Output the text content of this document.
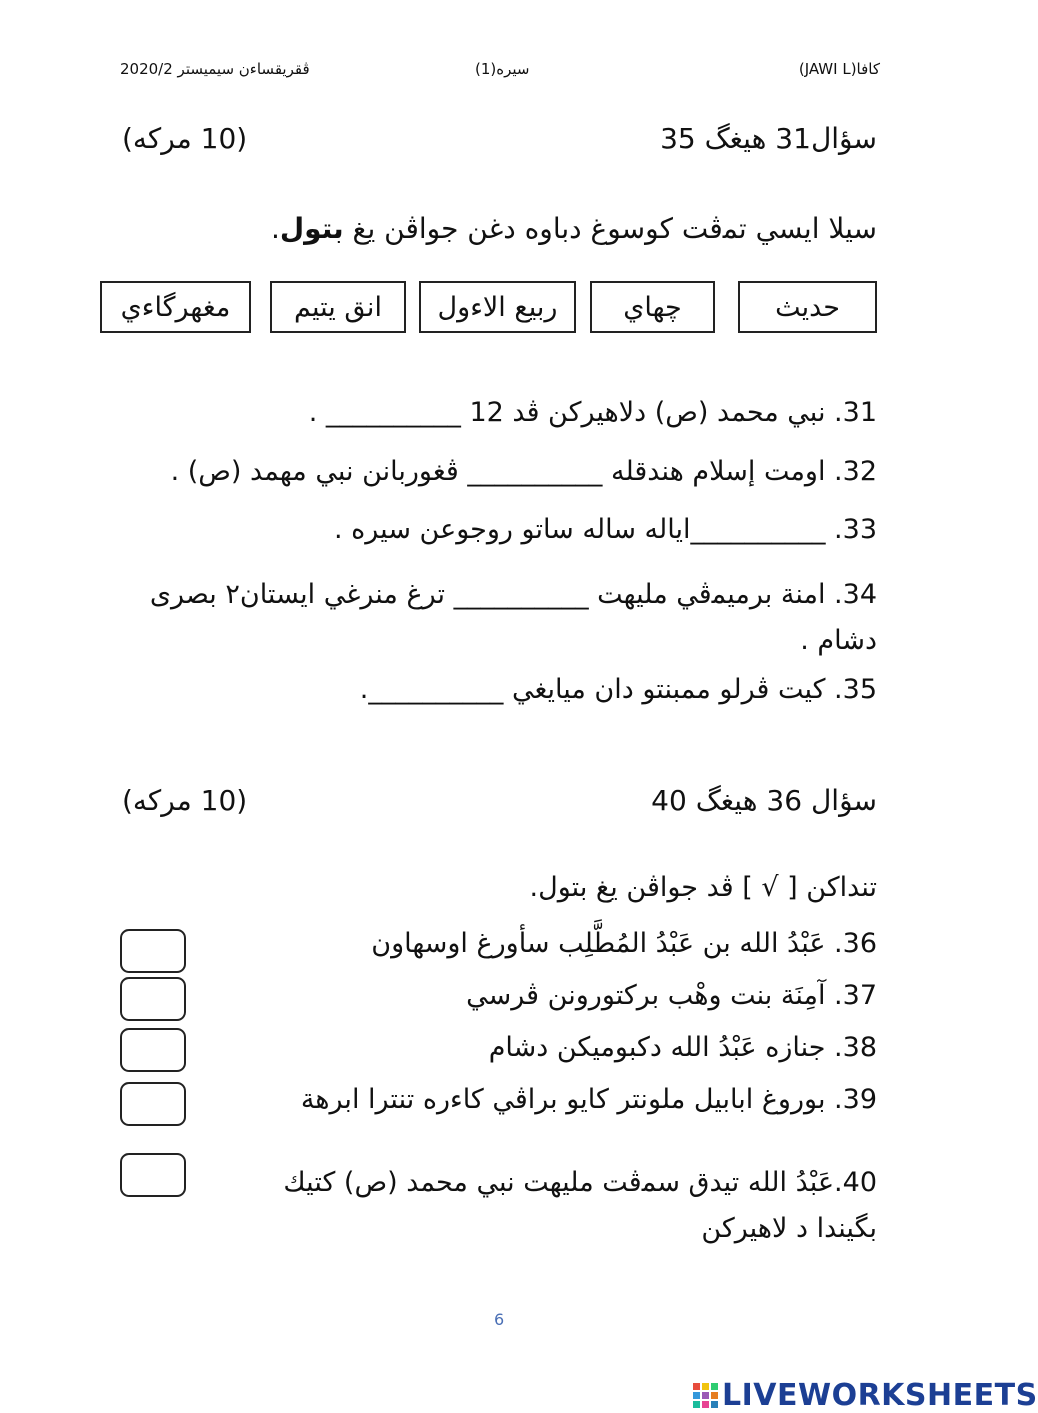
ﭬﻘﺮﻳﻘﺴﺎﺀﻥ ﺳﻴﻤﻴﺴﺘﺮ 2020/2	ﺳﻴﺮﻩ(1)	ﻛﺎﻓﺎ(JAWI L)
ﺳﺆﺍﻝ31 ﻫﻴﻐﮓ 35
(10 ﻣﺮﻛﻪ)
ﺳﻴﻼ ﺍﻳﺴﻲ ﺗﻤﭬﺖ ﻛﻮﺳﻮﻍ ﺩﺑﺎﻭﻩ ﺩﻏﻦ ﺟﻮﺍﭬﻦ ﻳﻎ ﺑﺘﻮﻝ.
ﺣﺪﻳﺚ
ﭼﻬﺎﻱ
ﺭﺑﻴﻊ ﺍﻻﺀﻭﻝ
ﺍﻧﻖ ﻳﺘﻴﻢ
ﻣﻐﻬﺮﮔﺎﺀﻱ
31. ﻧﺒﻲ ﻣﺤﻤﺪ (ﺹ) ﺩﻻﻫﻴﺮﻛﻦ ﭬﺪ 12 __________ .
32. ﺍﻭﻣﺖ ﺇﺳﻼﻡ ﻫﻨﺪﻗﻠﻪ __________ ﭬﻐﻮﺭﺑﺎﻧﻦ ﻧﺒﻲ ﻣﻬﻤﺪ (ﺹ) .
33. __________ﺍﻳﺎﻟﻪ ﺳﺎﻟﻪ ﺳﺎﺗﻮ ﺭﻭﺟﻮﻋﻦ ﺳﻴﺮﻩ .
34. ﺍﻣﻨﺔ ﺑﺮﻣﻴﻤﭬﻲ ﻣﻠﻴﻬﺖ __________ ﺗﺮﻍ ﻣﻨﺮﻏﻲ ﺍﻳﺴﺘﺎﻥ٢ ﺑﺼﺮﻯ ﺩﺷﺎﻡ .
35. ﻛﻴﺖ ﭬﺮﻟﻮ ﻣﻤﺒﻨﺘﻮ ﺩﺍﻥ ﻣﻴﺎﻳﻐﻲ __________.
ﺳﺆﺍﻝ 36 ﻫﻴﻐﮓ 40
(10 ﻣﺮﻛﻪ)
ﺗﻨﺪﺍﻛﻦ [ √ ] ﭬﺪ ﺟﻮﺍﭬﻦ ﻳﻎ ﺑﺘﻮﻝ.
36. عَبْدُ الله بن عَبْدُ المُطَّلِب ﺳﺄﻭﺭﻍ ﺍﻭﺳﻬﺎﻭﻥ
37. آمِنَة ﺑﻨﺖ وهْب ﺑﺮﻛﺘﻮﺭﻭﻧﻦ ﭬﺮﺳﻲ
38. ﺟﻨﺎﺯﻩ عَبْدُ الله ﺩﻛﺒﻮﻣﻴﻜﻦ ﺩﺷﺎﻡ
39. ﺑﻮﺭﻭﻍ ﺍﺑﺎﺑﻴﻞ ﻣﻠﻮﻧﺘﺮ ﻛﺎﻳﻮ ﺑﺮﺍﭬﻲ ﻛﺎﺀﺭﻩ ﺗﻨﺘﺮﺍ ﺍﺑﺮﻫﺔ
40.عَبْدُ الله ﺗﻴﺪﻕ ﺳﻤﭬﺖ ﻣﻠﻴﻬﺖ ﻧﺒﻲ ﻣﺤﻤﺪ (ﺹ) ﻛﺘﻴﻚ ﺑﮕﻴﻨﺪﺍ ﺩ ﻻﻫﻴﺮﻛﻦ
6
LIVEWORKSHEETS
